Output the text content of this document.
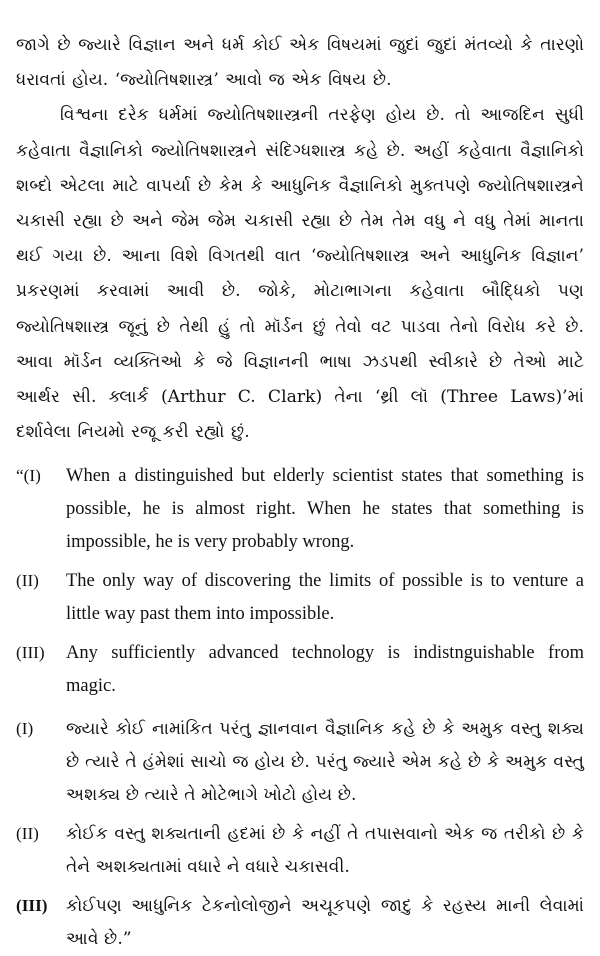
જાગે છે જ્યારે વિજ્ઞાન અને ધર્મ કોઈ એક વિષયમાં જુદાં જુદાં મંતવ્યો કે તારણો ધરાવતાં હોય. ‘જ્યોતિષશાસ્ત્ર’ આવો જ એક વિષય છે.

વિશ્વના દરેક ધર્મમાં જ્યોતિષશાસ્ત્રની તરફેણ હોય છે. તો આજદિન સુધી કહેવાતા વૈજ્ઞાનિકો જ્યોતિષશાસ્ત્રને સંદિગ્ધશાસ્ત્ર કહે છે. અહીં કહેવાતા વૈજ્ઞાનિકો શબ્દો એટલા માટે વાપર્યા છે કેમ કે આધુનિક વૈજ્ઞાનિકો મુક્તપણે જ્યોતિષશાસ્ત્રને ચકાસી રહ્યા છે અને જેમ જેમ ચકાસી રહ્યા છે તેમ તેમ વધુ ને વધુ તેમાં માનતા થઈ ગયા છે. આના વિશે વિગતથી વાત ‘જ્યોતિષશાસ્ત્ર અને આધુનિક વિજ્ઞાન’ પ્રકરણમાં કરવામાં આવી છે. જોકે, મોટાભાગના કહેવાતા બૌદ્ધિકો પણ જ્યોતિષશાસ્ત્ર જૂનું છે તેથી હું તો મૉર્ડન છું તેવો વટ પાડવા તેનો વિરોધ કરે છે. આવા મૉર્ડન વ્યક્તિઓ કે જે વિજ્ઞાનની ભાષા ઝડપથી સ્વીકારે છે તેઓ માટે આર્થર સી. ક્લાર્ક (Arthur C. Clark) તેના ‘થ્રી લૉ (Three Laws)’માં દર્શાવેલા નિયમો રજૂ કરી રહ્યો છું.

“(I)	When a distinguished but elderly scientist states that something is possible, he is almost right. When he states that something is impossible, he is very probably wrong.
(II)	The only way of discovering the limits of possible is to venture a little way past them into impossible.
(III)	Any sufficiently advanced technology is indistnguishable from magic.
(I)	જ્યારે કોઈ નામાંકિત પરંતુ જ્ઞાનવાન વૈજ્ઞાનિક કહે છે કે અમુક વસ્તુ શક્ય છે ત્યારે તે હંમેશાં સાચો જ હોય છે. પરંતુ જ્યારે એમ કહે છે કે અમુક વસ્તુ અશક્ય છે ત્યારે તે મોટેભાગે ખોટો હોય છે.
(II)	કોઈક વસ્તુ શક્યતાની હદમાં છે કે નહીં તે તપાસવાનો એક જ તરીકો છે કે તેને અશક્યતામાં વધારે ને વધારે ચકાસવી.
(III)	કોઈપણ આધુનિક ટેકનોલોજીને અચૂકપણે જાદુ કે રહસ્ય માની લેવામાં આવે છે.”
